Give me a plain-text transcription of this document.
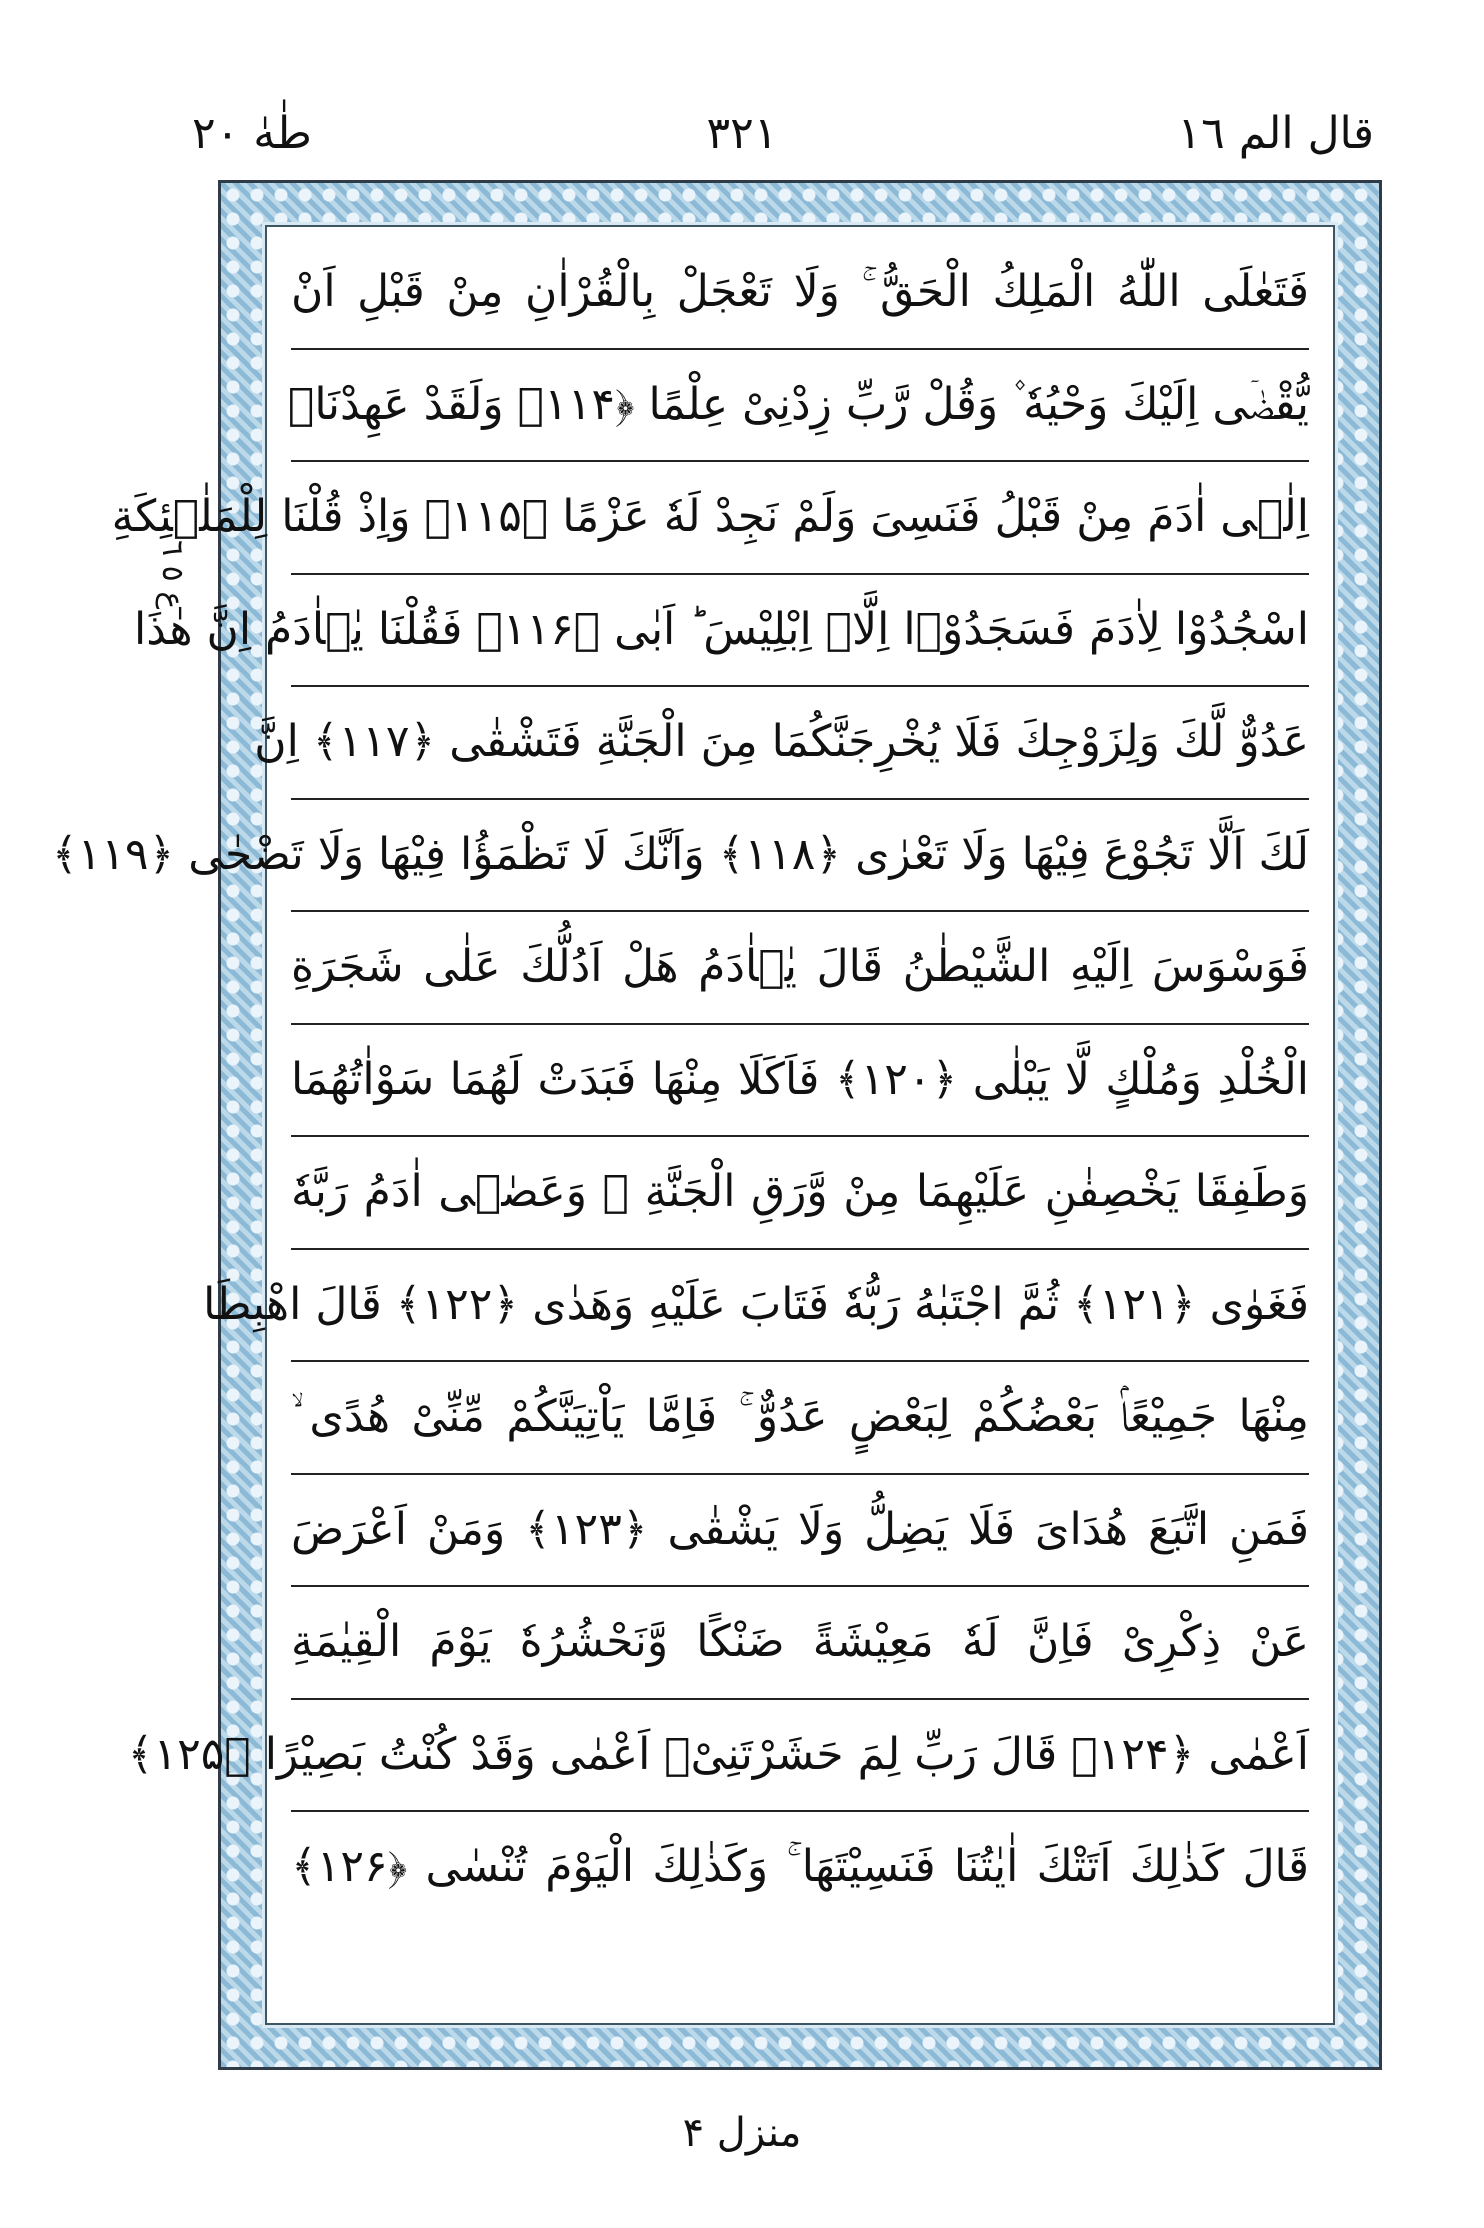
قال الم ١٦
٣٢١
طٰهٰ ٢٠
ع ٥ ٦
فَتَعٰلَى اللّٰهُ الْمَلِكُ الْحَقُّ ۚ وَلَا تَعْجَلْ بِالْقُرْاٰنِ مِنْ قَبْلِ اَنْ
يُّقْضٰۤى اِلَيْكَ وَحْيُهٗ ۫ وَقُلْ رَّبِّ زِدْنِىْ عِلْمًا ﴿۱۱۴﴾ وَلَقَدْ عَهِدْنَاۤ
اِلٰۤى اٰدَمَ مِنْ قَبْلُ فَنَسِىَ وَلَمْ نَجِدْ لَهٗ عَزْمًا ﴿۱۱۵﴾ وَاِذْ قُلْنَا لِلْمَلٰۤئِكَةِ
اسْجُدُوْا لِاٰدَمَ فَسَجَدُوْۤا اِلَّاۤ اِبْلِيْسَ ؕ اَبٰى ﴿۱۱۶﴾ فَقُلْنَا يٰۤاٰدَمُ اِنَّ هٰذَا
عَدُوٌّ لَّكَ وَلِزَوْجِكَ فَلَا يُخْرِجَنَّكُمَا مِنَ الْجَنَّةِ فَتَشْقٰى ﴿۱۱۷﴾ اِنَّ
لَكَ اَلَّا تَجُوْعَ فِيْهَا وَلَا تَعْرٰى ﴿۱۱۸﴾ وَاَنَّكَ لَا تَظْمَؤُا فِيْهَا وَلَا تَضْحٰى ﴿۱۱۹﴾
فَوَسْوَسَ اِلَيْهِ الشَّيْطٰنُ قَالَ يٰۤاٰدَمُ هَلْ اَدُلُّكَ عَلٰى شَجَرَةِ
الْخُلْدِ وَمُلْكٍ لَّا يَبْلٰى ﴿۱۲۰﴾ فَاَكَلَا مِنْهَا فَبَدَتْ لَهُمَا سَوْاٰتُهُمَا
وَطَفِقَا يَخْصِفٰنِ عَلَيْهِمَا مِنْ وَّرَقِ الْجَنَّةِ ۫ وَعَصٰۤى اٰدَمُ رَبَّهٗ
فَغَوٰى ﴿۱۲۱﴾ ثُمَّ اجْتَبٰهُ رَبُّهٗ فَتَابَ عَلَيْهِ وَهَدٰى ﴿۱۲۲﴾ قَالَ اهْبِطَا
مِنْهَا جَمِيْعًاۢ بَعْضُكُمْ لِبَعْضٍ عَدُوٌّ ۚ فَاِمَّا يَاْتِيَنَّكُمْ مِّنِّىْ هُدًى ۙ
فَمَنِ اتَّبَعَ هُدَاىَ فَلَا يَضِلُّ وَلَا يَشْقٰى ﴿۱۲۳﴾ وَمَنْ اَعْرَضَ
عَنْ ذِكْرِىْ فَاِنَّ لَهٗ مَعِيْشَةً ضَنْكًا وَّنَحْشُرُهٗ يَوْمَ الْقِيٰمَةِ
اَعْمٰى ﴿۱۲۴﴾ قَالَ رَبِّ لِمَ حَشَرْتَنِىْۤ اَعْمٰى وَقَدْ كُنْتُ بَصِيْرًا ﴿۱۲۵﴾
قَالَ كَذٰلِكَ اَتَتْكَ اٰيٰتُنَا فَنَسِيْتَهَا ۚ وَكَذٰلِكَ الْيَوْمَ تُنْسٰى ﴿۱۲۶﴾
منزل ۴
